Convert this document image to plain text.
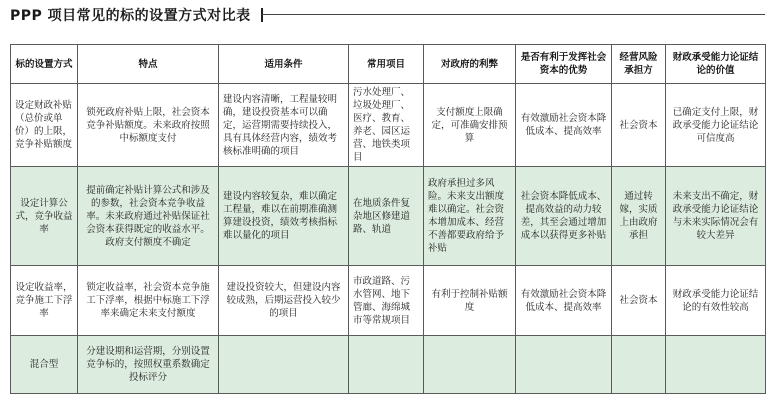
PPP 项目常见的标的设置方式对比表
标的设置方式	特点	适用条件	常用项目	对政府的利弊	是否有利于发挥社会资本的优势	经营风险承担方	财政承受能力论证结论的价值
设定财政补贴（总价或单价）的上限，竞争补贴额度	锁死政府补贴上限，社会资本竞争补贴额度。未来政府按照中标额度支付	建设内容清晰，工程量较明确，建设投资基本可以确定，运营期需要持续投入，具有具体经营内容，绩效考核标准明确的项目	污水处理厂、垃圾处理厂、医疗、教育、养老、园区运营、地铁类项目	支付额度上限确定，可准确安排预算	有效激励社会资本降低成本、提高效率	社会资本	已确定支付上限，财政承受能力论证结论可信度高
设定计算公式，竞争收益率	提前确定补贴计算公式和涉及的参数，社会资本竞争收益率。未来政府通过补贴保证社会资本获得既定的收益水平。政府支付额度不确定	建设内容较复杂，难以确定工程量，难以在前期准确测算建设投资，绩效考核指标难以量化的项目	在地质条件复杂地区修建道路、轨道	政府承担过多风险。未来支出额度难以确定。社会资本增加成本、经营不善都要政府给予补贴	社会资本降低成本、提高效益的动力较差，其至会通过增加成本以获得更多补贴	通过转嫁，实质上由政府承担	未来支出不确定，财政承受能力论证结论与未来实际情况会有较大差异
设定收益率，竞争施工下浮率	锁定收益率，社会资本竞争施工下浮率，根据中标施工下浮率来确定未来支付额度	建设投资较大，但建设内容较成熟，后期运营投入较少的项目	市政道路、污水管网、地下管廊、海绵城市等常规项目	有利于控制补贴额度	有效激励社会资本降低成本、提高效率	社会资本	财政承受能力论证结论的有效性较高
混合型	分建设期和运营期，分别设置竞争标的，按照权重系数确定投标评分						
